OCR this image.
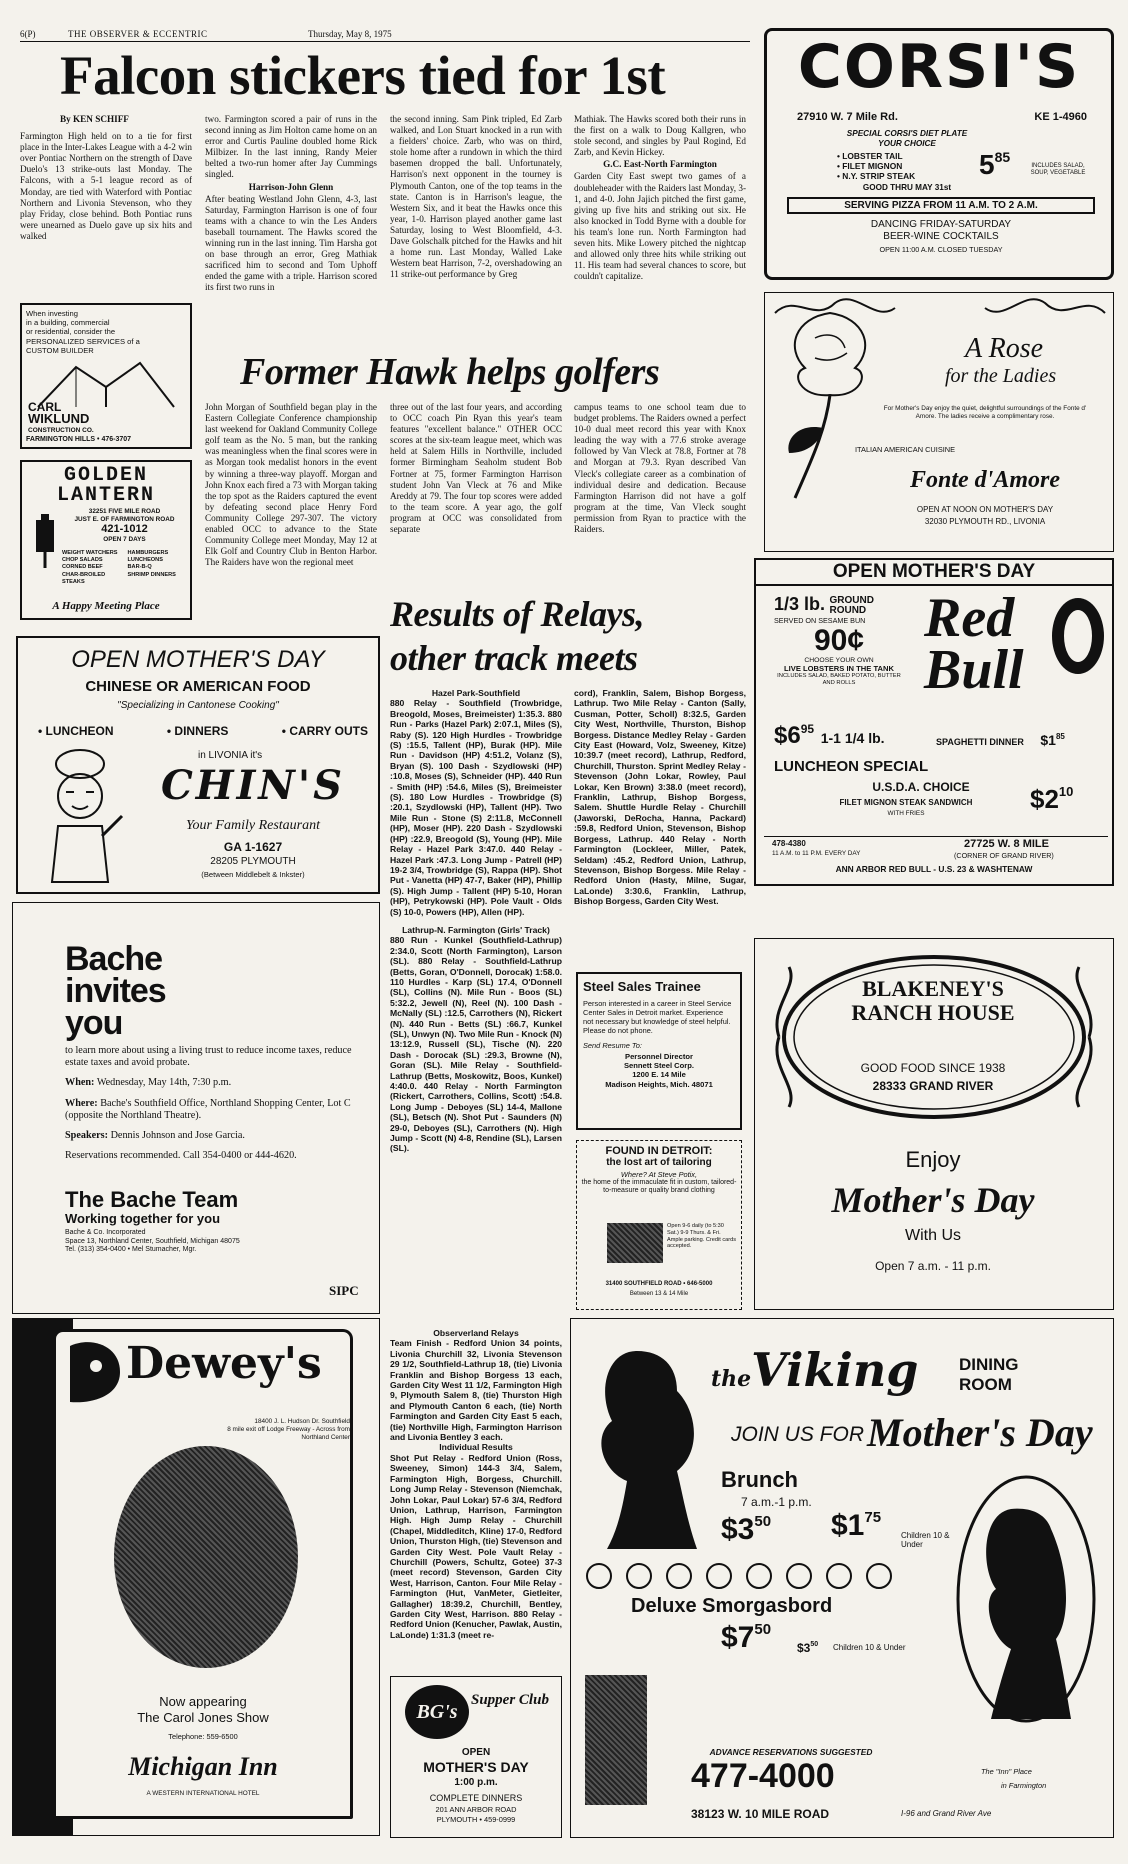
6(P)	THE OBSERVER & ECCENTRIC	Thursday, May 8, 1975
Falcon stickers tied for 1st

By KEN SCHIFF

Farmington High held on to a tie for first place in the Inter-Lakes League with a 4-2 win over Pontiac Northern on the strength of Dave Duelo's 13 strike-outs last Monday. The Falcons, with a 5-1 league record as of Monday, are tied with Waterford with Pontiac Northern and Livonia Stevenson, who they play Friday, close behind. Both Pontiac runs were unearned as Duelo gave up six hits and walked

two. Farmington scored a pair of runs in the second inning as Jim Holton came home on an error and Curtis Pauline doubled home Rick Milbizer. In the last inning, Randy Meier belted a two-run homer after Jay Cummings singled.

Harrison-John Glenn

After beating Westland John Glenn, 4-3, last Saturday, Farmington Harrison is one of four teams with a chance to win the Les Anders baseball tournament. The Hawks scored the winning run in the last inning. Tim Harsha got on base through an error, Greg Mathiak sacrificed him to second and Tom Uphoff ended the game with a triple. Harrison scored its first two runs in

the second inning. Sam Pink tripled, Ed Zarb walked, and Lon Stuart knocked in a run with a fielders' choice. Zarb, who was on third, stole home after a rundown in which the third basemen dropped the ball. Unfortunately, Harrison's next opponent in the tourney is Plymouth Canton, one of the top teams in the state. Canton is in Harrison's league, the Western Six, and it beat the Hawks once this year, 1-0. Harrison played another game last Saturday, losing to West Bloomfield, 4-3. Dave Golschalk pitched for the Hawks and hit a home run. Last Monday, Walled Lake Western beat Harrison, 7-2, overshadowing an 11 strike-out performance by Greg

Mathiak. The Hawks scored both their runs in the first on a walk to Doug Kallgren, who stole second, and singles by Paul Rogind, Ed Zarb, and Kevin Hickey.

G.C. East-North Farmington

Garden City East swept two games of a doubleheader with the Raiders last Monday, 3-1, and 4-0. John Jajich pitched the first game, giving up five hits and striking out six. He also knocked in Todd Byrne with a double for his team's lone run. North Farmington had seven hits. Mike Lowery pitched the nightcap and allowed only three hits while striking out 11. His team had several chances to score, but couldn't capitalize.

When investing
in a building, commercial
or residential, consider the
PERSONALIZED SERVICES of a
CUSTOM BUILDER
CARL
WIKLUND
CONSTRUCTION CO.
FARMINGTON HILLS • 476-3707
GOLDEN
LANTERN
32251 FIVE MILE ROAD
JUST E. OF FARMINGTON ROAD
421-1012
OPEN 7 DAYS
WEIGHT WATCHERS
CHOP SALADS
CORNED BEEF
CHAR-BROILED STEAKS
HAMBURGERS
LUNCHEONS
BAR-B-Q
SHRIMP DINNERS
A Happy Meeting Place
Former Hawk helps golfers

John Morgan of Southfield began play in the Eastern Collegiate Conference championship last weekend for Oakland Community College golf team as the No. 5 man, but the ranking was meaningless when the final scores were in as Morgan took medalist honors in the event by winning a three-way playoff. Morgan and John Knox each fired a 73 with Morgan taking the top spot as the Raiders captured the event by defeating second place Henry Ford Community College 297-307. The victory enabled OCC to advance to the State Community College meet Monday, May 12 at Elk Golf and Country Club in Benton Harbor. The Raiders have won the regional meet

three out of the last four years, and according to OCC coach Pin Ryan this year's team features "excellent balance." OTHER OCC scores at the six-team league meet, which was held at Salem Hills in Northville, included former Birmingham Seaholm student Bob Fortner at 75, former Farmington Harrison student John Van Vleck at 76 and Mike Areddy at 79. The four top scores were added to the team score. A year ago, the golf program at OCC was consolidated from separate

campus teams to one school team due to budget problems. The Raiders owned a perfect 10-0 dual meet record this year with Knox leading the way with a 77.6 stroke average followed by Van Vleck at 78.8, Fortner at 78 and Morgan at 79.3. Ryan described Van Vleck's collegiate career as a combination of individual desire and dedication. Because Farmington Harrison did not have a golf program at the time, Van Vleck sought permission from Ryan to practice with the Raiders.

Results of Relays,
other track meets

Hazel Park-Southfield

880 Relay - Southfield (Trowbridge, Breogold, Moses, Breimeister) 1:35.3. 880 Run - Parks (Hazel Park) 2:07.1, Miles (S), Raby (S). 120 High Hurdles - Trowbridge (S) :15.5, Tallent (HP), Burak (HP). Mile Run - Davidson (HP) 4:51.2, Volanz (S), Bryan (S). 100 Dash - Szydlowski (HP) :10.8, Moses (S), Schneider (HP). 440 Run - Smith (HP) :54.6, Miles (S), Breimeister (S). 180 Low Hurdles - Trowbridge (S) :20.1, Szydlowski (HP), Tallent (HP). Two Mile Run - Stone (S) 2:11.8, McConnell (HP), Moser (HP). 220 Dash - Szydlowski (HP) :22.9, Breogold (S), Young (HP). Mile Relay - Hazel Park 3:47.0. 440 Relay - Hazel Park :47.3. Long Jump - Patrell (HP) 19-2 3/4, Trowbridge (S), Rappa (HP). Shot Put - Vanetta (HP) 47-7, Baker (HP), Phillip (S). High Jump - Tallent (HP) 5-10, Horan (HP), Petrykowski (HP). Pole Vault - Olds (S) 10-0, Powers (HP), Allen (HP).

Lathrup-N. Farmington (Girls' Track)

880 Run - Kunkel (Southfield-Lathrup) 2:34.0, Scott (North Farmington), Larson (SL). 880 Relay - Southfield-Lathrup (Betts, Goran, O'Donnell, Dorocak) 1:58.0. 110 Hurdles - Karp (SL) 17.4, O'Donnell (SL), Collins (N). Mile Run - Boos (SL) 5:32.2, Jewell (N), Reel (N). 100 Dash - McNally (SL) :12.5, Carrothers (N), Rickert (N). 440 Run - Betts (SL) :66.7, Kunkel (SL), Unwyn (N). Two Mile Run - Knock (N) 13:12.9, Russell (SL), Tische (N). 220 Dash - Dorocak (SL) :29.3, Browne (N), Goran (SL). Mile Relay - Southfield-Lathrup (Betts, Moskowitz, Boos, Kunkel) 4:40.0. 440 Relay - North Farmington (Rickert, Carrothers, Collins, Scott) :54.8. Long Jump - Deboyes (SL) 14-4, Mallone (SL), Betsch (N). Shot Put - Saunders (N) 29-0, Deboyes (SL), Carrothers (N). High Jump - Scott (N) 4-8, Rendine (SL), Larsen (SL).

cord), Franklin, Salem, Bishop Borgess, Lathrup. Two Mile Relay - Canton (Sally, Cusman, Potter, Scholl) 8:32.5, Garden City West, Northville, Thurston, Bishop Borgess. Distance Medley Relay - Garden City East (Howard, Volz, Sweeney, Kitze) 10:39.7 (meet record), Lathrup, Redford, Churchill, Thurston. Sprint Medley Relay - Stevenson (John Lokar, Rowley, Paul Lokar, Ken Brown) 3:38.0 (meet record), Franklin, Lathrup, Bishop Borgess, Salem. Shuttle Hurdle Relay - Churchill (Jaworski, DeRocha, Hanna, Packard) :59.8, Redford Union, Stevenson, Bishop Borgess, Lathrup. 440 Relay - North Farmington (Lockleer, Miller, Patek, Seldam) :45.2, Redford Union, Lathrup, Stevenson, Bishop Borgess. Mile Relay - Redford Union (Hasty, Milne, Sugar, LaLonde) 3:30.6, Franklin, Lathrup, Bishop Borgess, Garden City West.

Observerland Relays

Team Finish - Redford Union 34 points, Livonia Churchill 32, Livonia Stevenson 29 1/2, Southfield-Lathrup 18, (tie) Livonia Franklin and Bishop Borgess 13 each, Garden City West 11 1/2, Farmington High 9, Plymouth Salem 8, (tie) Thurston High and Plymouth Canton 6 each, (tie) North Farmington and Garden City East 5 each, (tie) Northville High, Farmington Harrison and Livonia Bentley 3 each.

Individual Results

Shot Put Relay - Redford Union (Ross, Sweeney, Simon) 144-3 3/4, Salem, Farmington High, Borgess, Churchill. Long Jump Relay - Stevenson (Niemchak, John Lokar, Paul Lokar) 57-6 3/4, Redford Union, Lathrup, Harrison, Farmington High. High Jump Relay - Churchill (Chapel, Middleditch, Kline) 17-0, Redford Union, Thurston High, (tie) Stevenson and Garden City West. Pole Vault Relay - Churchill (Powers, Schultz, Gotee) 37-3 (meet record) Stevenson, Garden City West, Harrison, Canton. Four Mile Relay - Farmington (Hut, VanMeter, Gietleiter, Gallagher) 18:39.2, Churchill, Bentley, Garden City West, Harrison. 880 Relay - Redford Union (Kenucher, Pawlak, Austin, LaLonde) 1:31.3 (meet re-

CORSI'S
27910 W. 7 Mile Rd.	KE 1-4960
SPECIAL CORSI'S DIET PLATE
YOUR CHOICE
• LOBSTER TAIL
• FILET MIGNON
• N.Y. STRIP STEAK 585
INCLUDES SALAD, SOUP, VEGETABLE
GOOD THRU MAY 31st
SERVING PIZZA FROM 11 A.M. TO 2 A.M.
DANCING FRIDAY-SATURDAY
BEER-WINE COCKTAILS
OPEN 11:00 A.M. CLOSED TUESDAY
A Rose
for the Ladies
For Mother's Day enjoy the quiet, delightful surroundings of the Fonte d' Amore. The ladies receive a complimentary rose.
ITALIAN AMERICAN CUISINE
Fonte d'Amore
OPEN AT NOON ON MOTHER'S DAY
32030 PLYMOUTH RD., LIVONIA
OPEN MOTHER'S DAY
1/3 lb. GROUND
ROUND
SERVED ON SESAME BUN
90¢
CHOOSE YOUR OWN
LIVE LOBSTERS IN THE TANK
INCLUDES SALAD, BAKED POTATO, BUTTER AND ROLLS
Red
Bull
$\$6^{95}$ 1-1 1/4 lb.	SPAGHETTI DINNER $185
LUNCHEON SPECIAL
U.S.D.A. CHOICE
FILET MIGNON STEAK SANDWICH
WITH FRIES	$\$2^{10}$
478-4380
11 A.M. to 11 P.M. EVERY DAY
27725 W. 8 MILE
(CORNER OF GRAND RIVER)
ANN ARBOR RED BULL - U.S. 23 & WASHTENAW
OPEN MOTHER'S DAY
CHINESE OR AMERICAN FOOD
"Specializing in Cantonese Cooking"
• LUNCHEON	• DINNERS	• CARRY OUTS
in LIVONIA it's
CHIN'S
Your Family Restaurant
GA 1-1627
28205 PLYMOUTH
(Between Middlebelt & Inkster)
Bache
invites
you

to learn more about using a living trust to reduce income taxes, reduce estate taxes and avoid probate.

When: Wednesday, May 14th, 7:30 p.m.

Where: Bache's Southfield Office, Northland Shopping Center, Lot C (opposite the Northland Theatre).

Speakers: Dennis Johnson and Jose Garcia.

Reservations recommended. Call 354-0400 or 444-4620.

The Bache Team
Working together for you
Bache & Co. Incorporated
Space 13, Northland Center, Southfield, Michigan 48075
Tel. (313) 354-0400 • Mel Stumacher, Mgr.
SIPC
Steel Sales Trainee
Person interested in a career in Steel Service Center Sales in Detroit market. Experience not necessary but knowledge of steel helpful. Please do not phone.
Send Resume To:
Personnel Director
Sennett Steel Corp.
1200 E. 14 Mile
Madison Heights, Mich. 48071
FOUND IN DETROIT:
the lost art of tailoring
Where? At Steve Potix,
the home of the immaculate fit in custom, tailored-to-measure or quality brand clothing
Open 9-6 daily (to 5:30 Sat.) 9-9 Thurs. & Fri. Ample parking. Credit cards accepted.
31400 SOUTHFIELD ROAD • 646-5000
Between 13 & 14 Mile
BLAKENEY'S
RANCH HOUSE
GOOD FOOD SINCE 1938
28333 GRAND RIVER
Enjoy
Mother's Day
With Us
Open 7 a.m. - 11 p.m.
Dewey's
18400 J. L. Hudson Dr. Southfield
8 mile exit off Lodge Freeway - Across from Northland Center
Now appearing
The Carol Jones Show
Telephone: 559-6500
Michigan Inn
A WESTERN INTERNATIONAL HOTEL
BG's
Supper Club
OPEN
MOTHER'S DAY
1:00 p.m.
COMPLETE DINNERS
201 ANN ARBOR ROAD
PLYMOUTH • 459-0999
theViking DINING
ROOM
JOIN US FOR Mother's Day
Brunch
7 a.m.-1 p.m.
$\$3^{50}$ $\$1^{75}$
Children 10 & Under
Deluxe Smorgasbord
$\$7^{50}$
$\$3^{50}$ Children 10 & Under
ADVANCE RESERVATIONS SUGGESTED
477-4000	The "Inn" Place
in Farmington
38123 W. 10 MILE ROAD	I-96 and Grand River Ave
